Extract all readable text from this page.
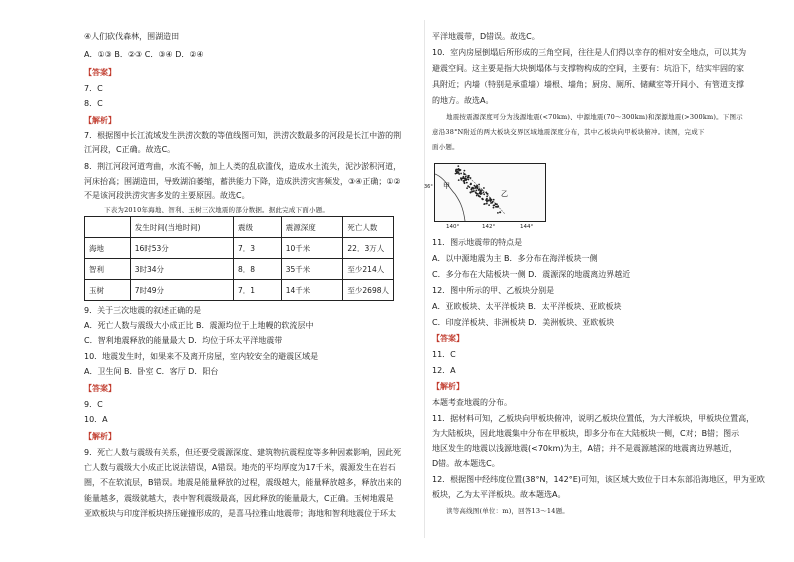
④人们砍伐森林，围湖造田
A．①③ B．②③ C．③④ D．②④
【答案】
7．C
8．C
【解析】
7．根据图中长江流域发生洪涝次数的等值线图可知，洪涝次数最多的河段是长江中游的荆
江河段，C正确。故选C。
8．荆江河段河道弯曲，水流不畅，加上人类的乱砍滥伐，造成水土流失，泥沙淤积河道，
河床抬高；围湖造田，导致湖泊萎缩，蓄洪能力下降，造成洪涝灾害频发，③④正确；①②
不是该河段洪涝灾害多发的主要原因。故选C。
下表为2010年海地、智利、玉树三次地震的部分数据。据此完成下面小题。
	发生时间(当地时间)	震级	震源深度	死亡人数
海地	16时53分	7．3	10千米	22．3万人
智利	3时34分	8．8	35千米	至少214人
玉树	7时49分	7．1	14千米	至少2698人
9．关于三次地震的叙述正确的是
A．死亡人数与震级大小成正比 B．震源均位于上地幔的软流层中
C．智利地震释放的能量最大 D．均位于环太平洋地震带
10．地震发生时，如果来不及离开房屋，室内较安全的避震区域是
A．卫生间 B．卧室 C．客厅 D．阳台
【答案】
9．C
10．A
【解析】
9．死亡人数与震级有关系，但还要受震源深度、建筑物抗震程度等多种因素影响，因此死
亡人数与震级大小成正比说法错误，A错误。地壳的平均厚度为17千米，震源发生在岩石
圈，不在软流层，B错误。地震是能量释放的过程，震级越大，能量释放越多，释放出来的
能量越多，震级就越大，表中智利震级最高，因此释放的能量最大，C正确。玉树地震是
亚欧板块与印度洋板块挤压碰撞形成的，是喜马拉雅山地震带；海地和智利地震位于环太
平洋地震带，D错误。故选C。
10．室内房屋倒塌后所形成的三角空间，往往是人们得以幸存的相对安全地点，可以其为
避震空间。这主要是指大块倒塌体与支撑物构成的空间，主要有：坑沿下，结实牢固的家
具附近；内墙（特别是承重墙）墙根、墙角；厨房、厕所、储藏室等开间小、有管道支撑
的地方。故选A。
地震按震源深度可分为浅源地震(<70km)、中源地震(70～300km)和深源地震(>300km)。下图示
意沿38°N附近的两大板块交界区域地震深度分布，其中乙板块向甲板块俯冲。读图，完成下
面小题。
甲
乙
36°
140°	142°	144°
11．图示地震带的特点是
A．以中源地震为主 B．多分布在海洋板块一侧
C．多分布在大陆板块一侧 D．震源深的地震离边界越近
12．图中所示的甲、乙板块分别是
A．亚欧板块、太平洋板块 B．太平洋板块、亚欧板块
C．印度洋板块、非洲板块 D．美洲板块、亚欧板块
【答案】
11．C
12．A
【解析】
本题考查地震的分布。
11．据材料可知，乙板块向甲板块俯冲，说明乙板块位置低，为大洋板块，甲板块位置高，
为大陆板块，因此地震集中分布在甲板块，即多分布在大陆板块一侧，C对；B错；图示
地区发生的地震以浅源地震(<70km)为主，A错；并不是震源越深的地震离边界越近，
D错。故本题选C。
12．根据图中经纬度位置(38°N，142°E)可知，该区域大致位于日本东部沿海地区，甲为亚欧
板块，乙为太平洋板块。故本题选A。
读等高线图(单位：m)，回答13～14题。
